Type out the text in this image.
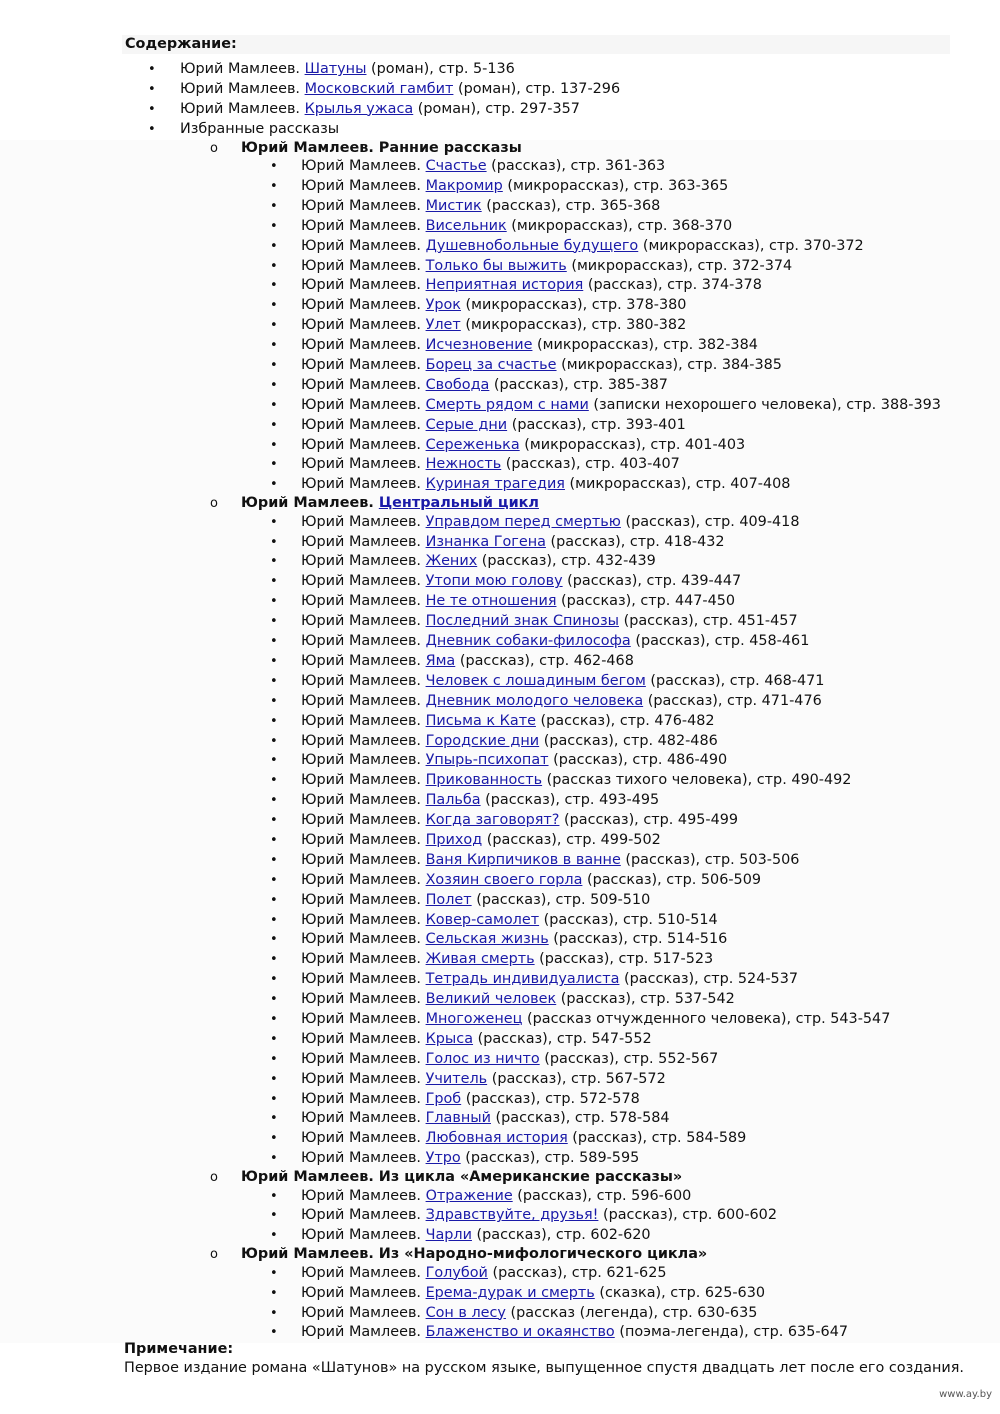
Содержание:
• Юрий Мамлеев. Шатуны (роман), стр. 5-136
• Юрий Мамлеев. Московский гамбит (роман), стр. 137-296
• Юрий Мамлеев. Крылья ужаса (роман), стр. 297-357
• Избранные рассказы
o Юрий Мамлеев. Ранние рассказы
• Юрий Мамлеев. Счастье (рассказ), стр. 361-363
• Юрий Мамлеев. Макромир (микрорассказ), стр. 363-365
• Юрий Мамлеев. Мистик (рассказ), стр. 365-368
• Юрий Мамлеев. Висельник (микрорассказ), стр. 368-370
• Юрий Мамлеев. Душевнобольные будущего (микрорассказ), стр. 370-372
• Юрий Мамлеев. Только бы выжить (микрорассказ), стр. 372-374
• Юрий Мамлеев. Неприятная история (рассказ), стр. 374-378
• Юрий Мамлеев. Урок (микрорассказ), стр. 378-380
• Юрий Мамлеев. Улет (микрорассказ), стр. 380-382
• Юрий Мамлеев. Исчезновение (микрорассказ), стр. 382-384
• Юрий Мамлеев. Борец за счастье (микрорассказ), стр. 384-385
• Юрий Мамлеев. Свобода (рассказ), стр. 385-387
• Юрий Мамлеев. Смерть рядом с нами (записки нехорошего человека), стр. 388-393
• Юрий Мамлеев. Серые дни (рассказ), стр. 393-401
• Юрий Мамлеев. Сереженька (микрорассказ), стр. 401-403
• Юрий Мамлеев. Нежность (рассказ), стр. 403-407
• Юрий Мамлеев. Куриная трагедия (микрорассказ), стр. 407-408
o Юрий Мамлеев. Центральный цикл
• Юрий Мамлеев. Управдом перед смертью (рассказ), стр. 409-418
• Юрий Мамлеев. Изнанка Гогена (рассказ), стр. 418-432
• Юрий Мамлеев. Жених (рассказ), стр. 432-439
• Юрий Мамлеев. Утопи мою голову (рассказ), стр. 439-447
• Юрий Мамлеев. Не те отношения (рассказ), стр. 447-450
• Юрий Мамлеев. Последний знак Спинозы (рассказ), стр. 451-457
• Юрий Мамлеев. Дневник собаки-философа (рассказ), стр. 458-461
• Юрий Мамлеев. Яма (рассказ), стр. 462-468
• Юрий Мамлеев. Человек с лошадиным бегом (рассказ), стр. 468-471
• Юрий Мамлеев. Дневник молодого человека (рассказ), стр. 471-476
• Юрий Мамлеев. Письма к Кате (рассказ), стр. 476-482
• Юрий Мамлеев. Городские дни (рассказ), стр. 482-486
• Юрий Мамлеев. Упырь-психопат (рассказ), стр. 486-490
• Юрий Мамлеев. Прикованность (рассказ тихого человека), стр. 490-492
• Юрий Мамлеев. Пальба (рассказ), стр. 493-495
• Юрий Мамлеев. Когда заговорят? (рассказ), стр. 495-499
• Юрий Мамлеев. Приход (рассказ), стр. 499-502
• Юрий Мамлеев. Ваня Кирпичиков в ванне (рассказ), стр. 503-506
• Юрий Мамлеев. Хозяин своего горла (рассказ), стр. 506-509
• Юрий Мамлеев. Полет (рассказ), стр. 509-510
• Юрий Мамлеев. Ковер-самолет (рассказ), стр. 510-514
• Юрий Мамлеев. Сельская жизнь (рассказ), стр. 514-516
• Юрий Мамлеев. Живая смерть (рассказ), стр. 517-523
• Юрий Мамлеев. Тетрадь индивидуалиста (рассказ), стр. 524-537
• Юрий Мамлеев. Великий человек (рассказ), стр. 537-542
• Юрий Мамлеев. Многоженец (рассказ отчужденного человека), стр. 543-547
• Юрий Мамлеев. Крыса (рассказ), стр. 547-552
• Юрий Мамлеев. Голос из ничто (рассказ), стр. 552-567
• Юрий Мамлеев. Учитель (рассказ), стр. 567-572
• Юрий Мамлеев. Гроб (рассказ), стр. 572-578
• Юрий Мамлеев. Главный (рассказ), стр. 578-584
• Юрий Мамлеев. Любовная история (рассказ), стр. 584-589
• Юрий Мамлеев. Утро (рассказ), стр. 589-595
o Юрий Мамлеев. Из цикла «Американские рассказы»
• Юрий Мамлеев. Отражение (рассказ), стр. 596-600
• Юрий Мамлеев. Здравствуйте, друзья! (рассказ), стр. 600-602
• Юрий Мамлеев. Чарли (рассказ), стр. 602-620
o Юрий Мамлеев. Из «Народно-мифологического цикла»
• Юрий Мамлеев. Голубой (рассказ), стр. 621-625
• Юрий Мамлеев. Ерема-дурак и смерть (сказка), стр. 625-630
• Юрий Мамлеев. Сон в лесу (рассказ (легенда), стр. 630-635
• Юрий Мамлеев. Блаженство и окаянство (поэма-легенда), стр. 635-647
Примечание:
Первое издание романа «Шатунов» на русском языке, выпущенное спустя двадцать лет после его создания.
www.ay.by
